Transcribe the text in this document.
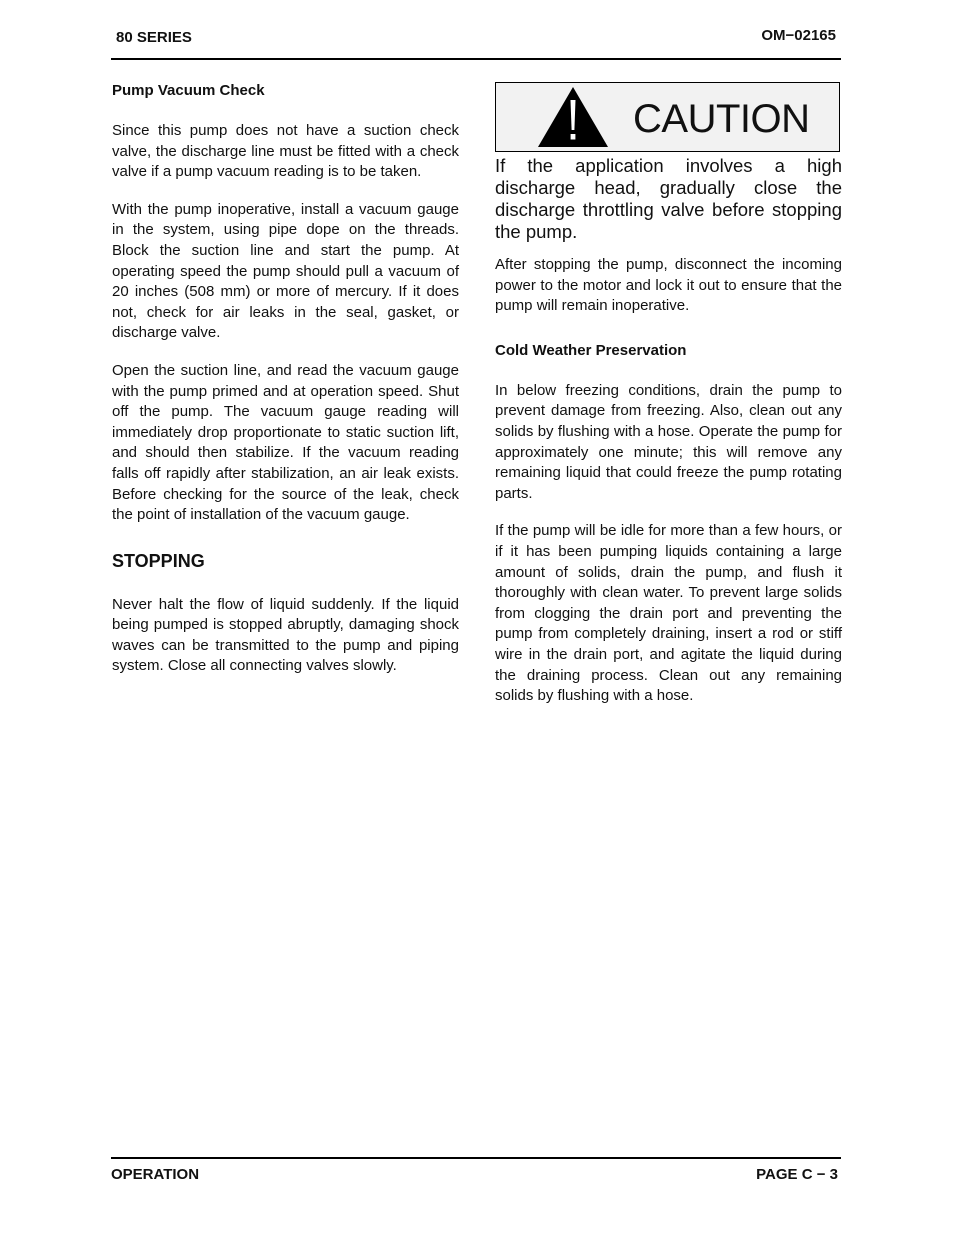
80 SERIES	OM−02165
Pump Vacuum Check

Since this pump does not have a suction check valve, the discharge line must be fitted with a check valve if a pump vacuum reading is to be taken.

With the pump inoperative, install a vacuum gauge in the system, using pipe dope on the threads. Block the suction line and start the pump. At operating speed the pump should pull a vacuum of 20 inches (508 mm) or more of mercury. If it does not, check for air leaks in the seal, gasket, or discharge valve.

Open the suction line, and read the vacuum gauge with the pump primed and at operation speed. Shut off the pump. The vacuum gauge reading will immediately drop proportionate to static suction lift, and should then stabilize. If the vacuum reading falls off rapidly after stabilization, an air leak exists. Before checking for the source of the leak, check the point of installation of the vacuum gauge.

STOPPING

Never halt the flow of liquid suddenly. If the liquid being pumped is stopped abruptly, damaging shock waves can be transmitted to the pump and piping system. Close all connecting valves slowly.

CAUTION

If the application involves a high discharge head, gradually close the discharge throttling valve before stopping the pump.

After stopping the pump, disconnect the incoming power to the motor and lock it out to ensure that the pump will remain inoperative.

Cold Weather Preservation

In below freezing conditions, drain the pump to prevent damage from freezing. Also, clean out any solids by flushing with a hose. Operate the pump for approximately one minute; this will remove any remaining liquid that could freeze the pump rotating parts.

If the pump will be idle for more than a few hours, or if it has been pumping liquids containing a large amount of solids, drain the pump, and flush it thoroughly with clean water. To prevent large solids from clogging the drain port and preventing the pump from completely draining, insert a rod or stiff wire in the drain port, and agitate the liquid during the draining process. Clean out any remaining solids by flushing with a hose.

OPERATION	PAGE C − 3
